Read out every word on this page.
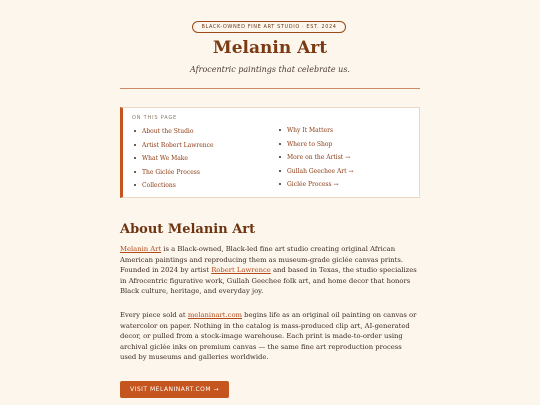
BLACK-OWNED FINE ART STUDIO · EST. 2024
Melanin Art
Afrocentric paintings that celebrate us.
ON THIS PAGE
About the Studio
Artist Robert Lawrence
What We Make
The Giclée Process
Collections
Why It Matters
Where to Shop
More on the Artist →
Gullah Geechee Art →
Giclée Process →
About Melanin Art

Melanin Art is a Black-owned, Black-led fine art studio creating original African American paintings and reproducing them as museum-grade giclée canvas prints. Founded in 2024 by artist Robert Lawrence and based in Texas, the studio specializes in Afrocentric figurative work, Gullah Geechee folk art, and home decor that honors Black culture, heritage, and everyday joy.

Every piece sold at melaninart.com begins life as an original oil painting on canvas or watercolor on paper. Nothing in the catalog is mass-produced clip art, AI-generated decor, or pulled from a stock-image warehouse. Each print is made-to-order using archival giclée inks on premium canvas — the same fine art reproduction process used by museums and galleries worldwide.

VISIT MELANINART.COM →
